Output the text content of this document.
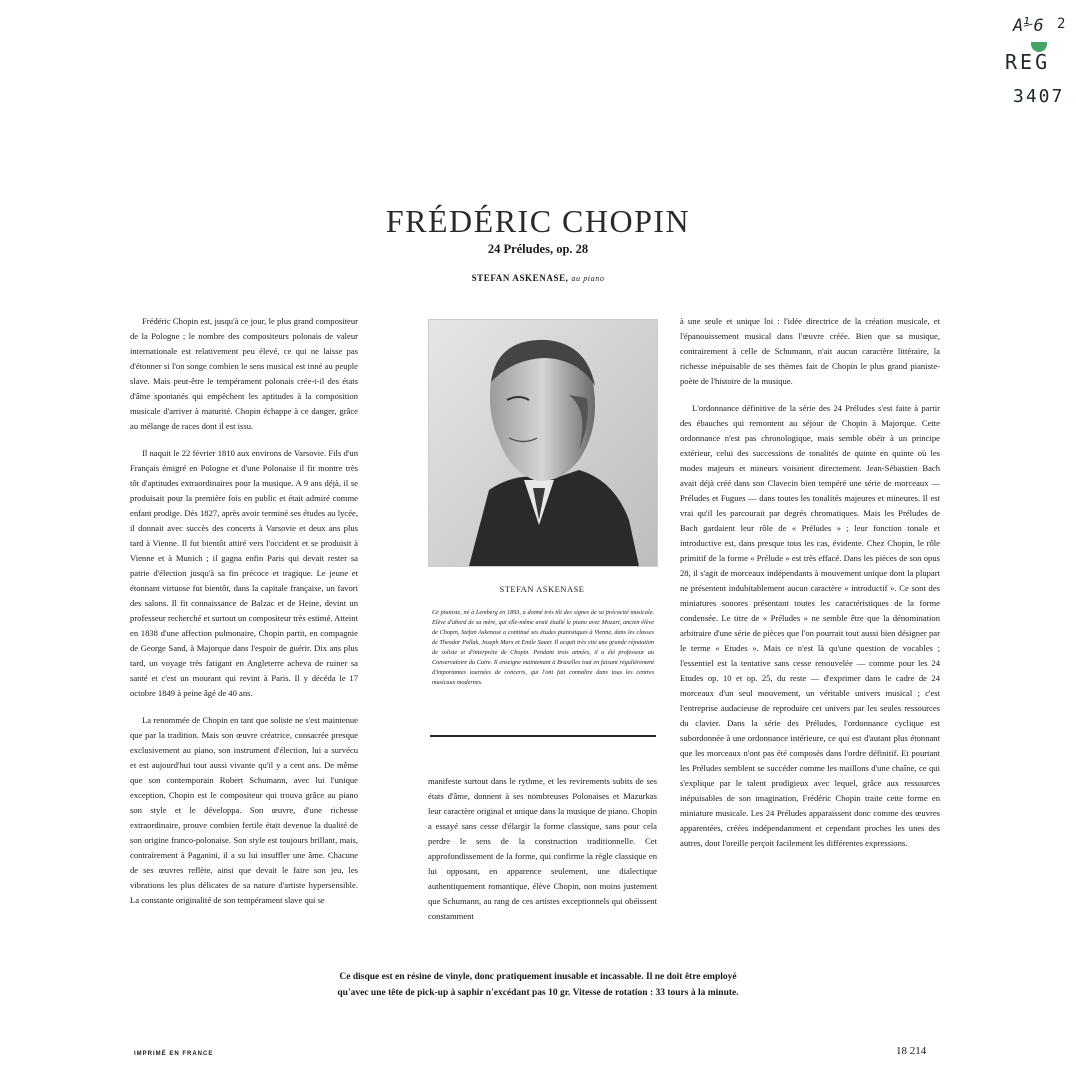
A⅟6 2
REG
3407
FRÉDÉRIC CHOPIN
24 Préludes, op. 28
STEFAN ASKENASE, au piano

Frédéric Chopin est, jusqu'à ce jour, le plus grand compositeur de la Pologne ; le nombre des compositeurs polonais de valeur internationale est relativement peu élevé, ce qui ne laisse pas d'étonner si l'on songe combien le sens musical est inné au peuple slave. Mais peut-être le tempérament polonais crée-t-il des états d'âme spontanés qui empêchent les aptitudes à la composition musicale d'arriver à maturité. Chopin échappe à ce danger, grâce au mélange de races dont il est issu.

Il naquit le 22 février 1810 aux environs de Varsovie. Fils d'un Français émigré en Pologne et d'une Polonaise il fit montre très tôt d'aptitudes extraordinaires pour la musique. A 9 ans déjà, il se produisait pour la première fois en public et était admiré comme enfant prodige. Dès 1827, après avoir terminé ses études au lycée, il donnait avec succès des concerts à Varsovie et deux ans plus tard à Vienne. Il fut bientôt attiré vers l'occident et se produisit à Vienne et à Munich ; il gagna enfin Paris qui devait rester sa patrie d'élection jusqu'à sa fin précoce et tragique. Le jeune et étonnant virtuose fut bientôt, dans la capitale française, un favori des salons. Il fit connaissance de Balzac et de Heine, devint un professeur recherché et surtout un compositeur très estimé. Atteint en 1838 d'une affection pulmonaire, Chopin partit, en compagnie de George Sand, à Majorque dans l'espoir de guérir. Dix ans plus tard, un voyage très fatigant en Angleterre acheva de ruiner sa santé et c'est un mourant qui revint à Paris. Il y décéda le 17 octobre 1849 à peine âgé de 40 ans.

La renommée de Chopin en tant que soliste ne s'est maintenue que par la tradition. Mais son œuvre créatrice, consacrée presque exclusivement au piano, son instrument d'élection, lui a survécu et est aujourd'hui tout aussi vivante qu'il y a cent ans. De même que son contemporain Robert Schumann, avec lui l'unique exception, Chopin est le compositeur qui trouva grâce au piano son style et le développa. Son œuvre, d'une richesse extraordinaire, prouve combien fertile était devenue la dualité de son origine franco-polonaise. Son style est toujours brillant, mais, contrairement à Paganini, il a su lui insuffler une âme. Chacune de ses œuvres reflète, ainsi que devait le faire son jeu, les vibrations les plus délicates de sa nature d'artiste hypersensible. La constante originalité de son tempérament slave qui se

STEFAN ASKENASE
Ce pianiste, né à Lemberg en 1893, a donné très tôt des signes de sa précocité musicale. Elève d'abord de sa mère, qui elle-même avait étudié le piano avec Mozart, ancien élève de Chopin, Stefan Askenase a continué ses études pianistiques à Vienne, dans les classes de Theodor Pollak, Joseph Marx et Emile Sauer. Il acquit très vite une grande réputation de soliste et d'interprète de Chopin. Pendant trois années, il a été professeur au Conservatoire du Caire. Il enseigne maintenant à Bruxelles tout en faisant régulièrement d'importantes tournées de concerts, qui l'ont fait connaître dans tous les centres musicaux modernes.

manifeste surtout dans le rythme, et les revirements subits de ses états d'âme, donnent à ses nombreuses Polonaises et Mazurkas leur caractère original et unique dans la musique de piano. Chopin a essayé sans cesse d'élargir la forme classique, sans pour cela perdre le sens de la construction traditionnelle. Cet approfondissement de la forme, qui confirme la règle classique en lui opposant, en apparence seulement, une dialectique authentiquement romantique, élève Chopin, non moins justement que Schumann, au rang de ces artistes exceptionnels qui obéissent constamment

à une seule et unique loi : l'idée directrice de la création musicale, et l'épanouissement musical dans l'œuvre créée. Bien que sa musique, contrairement à celle de Schumann, n'ait aucun caractère littéraire, la richesse inépuisable de ses thèmes fait de Chopin le plus grand pianiste-poète de l'histoire de la musique.

L'ordonnance définitive de la série des 24 Préludes s'est faite à partir des ébauches qui remontent au séjour de Chopin à Majorque. Cette ordonnance n'est pas chronologique, mais semble obéir à un principe extérieur, celui des successions de tonalités de quinte en quinte où les modes majeurs et mineurs voisinent directement. Jean-Sébastien Bach avait déjà créé dans son Clavecin bien tempéré une série de morceaux — Préludes et Fugues — dans toutes les tonalités majeures et mineures. Il est vrai qu'il les parcourait par degrés chromatiques. Mais les Préludes de Bach gardaient leur rôle de « Préludes » ; leur fonction tonale et introductive est, dans presque tous les cas, évidente. Chez Chopin, le rôle primitif de la forme « Prélude » est très effacé. Dans les pièces de son opus 28, il s'agit de morceaux indépendants à mouvement unique dont la plupart ne présentent indubitablement aucun caractère « introductif ». Ce sont des miniatures sonores présentant toutes les caractéristiques de la forme condensée. Le titre de « Préludes » ne semble être que la dénomination arbitraire d'une série de pièces que l'on pourrait tout aussi bien désigner par le terme « Etudes ». Mais ce n'est là qu'une question de vocables ; l'essentiel est la tentative sans cesse renouvelée — comme pour les 24 Etudes op. 10 et op. 25, du reste — d'exprimer dans le cadre de 24 morceaux d'un seul mouvement, un véritable univers musical ; c'est l'entreprise audacieuse de reproduire cet univers par les seules ressources du clavier. Dans la série des Préludes, l'ordonnance cyclique est subordonnée à une ordonnance intérieure, ce qui est d'autant plus étonnant que les morceaux n'ont pas été composés dans l'ordre définitif. Et pourtant les Préludes semblent se succéder comme les maillons d'une chaîne, ce qui s'explique par le talent prodigieux avec lequel, grâce aux ressources inépuisables de son imagination, Frédéric Chopin traite cette forme en miniature musicale. Les 24 Préludes apparaissent donc comme des œuvres apparentées, créées indépendamment et cependant proches les unes des autres, dont l'oreille perçoit facilement les différentes expressions.

Ce disque est en résine de vinyle, donc pratiquement inusable et incassable. Il ne doit être employé
qu'avec une tête de pick-up à saphir n'excédant pas 10 gr. Vitesse de rotation : 33 tours à la minute.
IMPRIMÉ EN FRANCE	18 214
